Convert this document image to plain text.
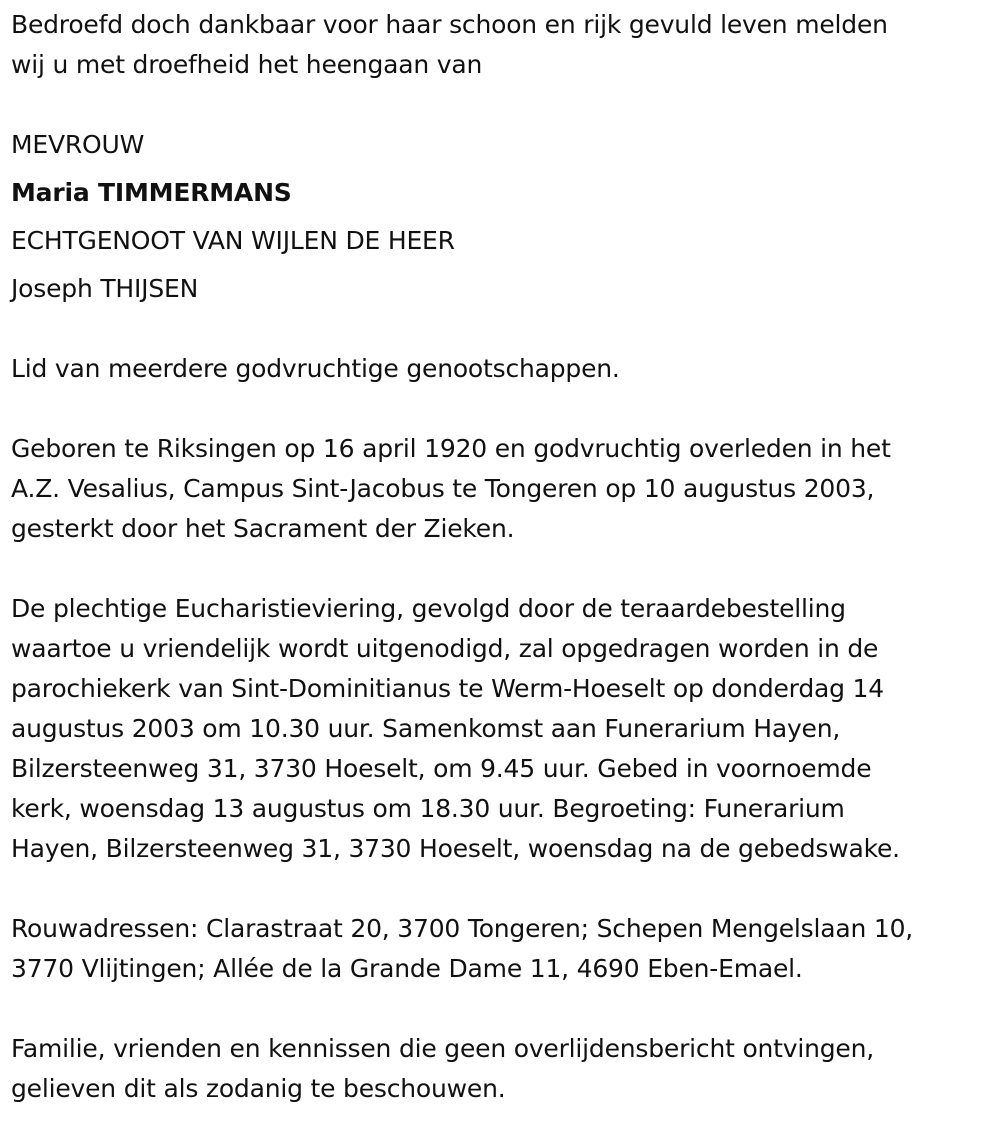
Bedroefd doch dankbaar voor haar schoon en rijk gevuld leven melden
wij u met droefheid het heengaan van
MEVROUW
Maria TIMMERMANS
ECHTGENOOT VAN WIJLEN DE HEER
Joseph THIJSEN
Lid van meerdere godvruchtige genootschappen.
Geboren te Riksingen op 16 april 1920 en godvruchtig overleden in het
A.Z. Vesalius, Campus Sint-Jacobus te Tongeren op 10 augustus 2003,
gesterkt door het Sacrament der Zieken.
De plechtige Eucharistieviering, gevolgd door de teraardebestelling
waartoe u vriendelijk wordt uitgenodigd, zal opgedragen worden in de
parochiekerk van Sint-Dominitianus te Werm-Hoeselt op donderdag 14
augustus 2003 om 10.30 uur. Samenkomst aan Funerarium Hayen,
Bilzersteenweg 31, 3730 Hoeselt, om 9.45 uur. Gebed in voornoemde
kerk, woensdag 13 augustus om 18.30 uur. Begroeting: Funerarium
Hayen, Bilzersteenweg 31, 3730 Hoeselt, woensdag na de gebedswake.
Rouwadressen: Clarastraat 20, 3700 Tongeren; Schepen Mengelslaan 10,
3770 Vlijtingen; Allée de la Grande Dame 11, 4690 Eben-Emael.
Familie, vrienden en kennissen die geen overlijdensbericht ontvingen,
gelieven dit als zodanig te beschouwen.
